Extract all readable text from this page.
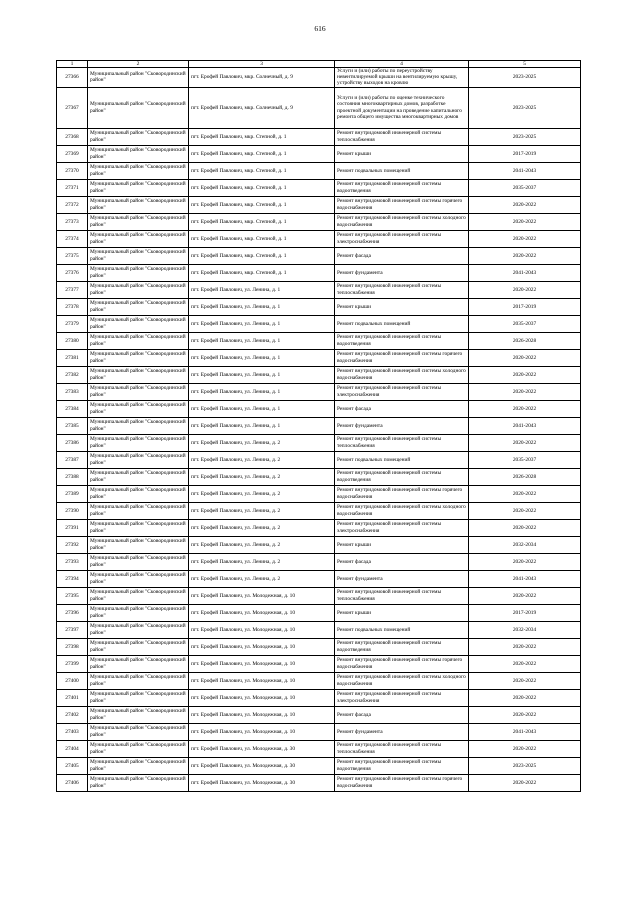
616
1	2	3	4	5
27366	Муниципальный район "Сковородинский район"	пгт. Ерофей Павлович, мкр. Солнечный, д. 9	Услуги и (или) работы по переустройству невентилируемой крыши на вентилируемую крышу, устройству выходов на кровлю	2023-2025
27367	Муниципальный район "Сковородинский район"	пгт. Ерофей Павлович, мкр. Солнечный, д. 9	Услуги и (или) работы по оценке технического состояния многоквартирных домов, разработке проектной документации на проведение капитального ремонта общего имущества многоквартирных домов	2023-2025
27368	Муниципальный район "Сковородинский район"	пгт. Ерофей Павлович, мкр. Степной, д. 1	Ремонт внутридомовой инженерной системы теплоснабжения	2023-2025
27369	Муниципальный район "Сковородинский район"	пгт. Ерофей Павлович, мкр. Степной, д. 1	Ремонт крыши	2017-2019
27370	Муниципальный район "Сковородинский район"	пгт. Ерофей Павлович, мкр. Степной, д. 1	Ремонт подвальных помещений	2041-2043
27371	Муниципальный район "Сковородинский район"	пгт. Ерофей Павлович, мкр. Степной, д. 1	Ремонт внутридомовой инженерной системы водоотведения	2035-2037
27372	Муниципальный район "Сковородинский район"	пгт. Ерофей Павлович, мкр. Степной, д. 1	Ремонт внутридомовой инженерной системы горячего водоснабжения	2020-2022
27373	Муниципальный район "Сковородинский район"	пгт. Ерофей Павлович, мкр. Степной, д. 1	Ремонт внутридомовой инженерной системы холодного водоснабжения	2020-2022
27374	Муниципальный район "Сковородинский район"	пгт. Ерофей Павлович, мкр. Степной, д. 1	Ремонт внутридомовой инженерной системы электроснабжения	2020-2022
27375	Муниципальный район "Сковородинский район"	пгт. Ерофей Павлович, мкр. Степной, д. 1	Ремонт фасада	2020-2022
27376	Муниципальный район "Сковородинский район"	пгт. Ерофей Павлович, мкр. Степной, д. 1	Ремонт фундамента	2041-2043
27377	Муниципальный район "Сковородинский район"	пгт. Ерофей Павлович, ул. Ленина, д. 1	Ремонт внутридомовой инженерной системы теплоснабжения	2020-2022
27378	Муниципальный район "Сковородинский район"	пгт. Ерофей Павлович, ул. Ленина, д. 1	Ремонт крыши	2017-2019
27379	Муниципальный район "Сковородинский район"	пгт. Ерофей Павлович, ул. Ленина, д. 1	Ремонт подвальных помещений	2035-2037
27380	Муниципальный район "Сковородинский район"	пгт. Ерофей Павлович, ул. Ленина, д. 1	Ремонт внутридомовой инженерной системы водоотведения	2026-2028
27381	Муниципальный район "Сковородинский район"	пгт. Ерофей Павлович, ул. Ленина, д. 1	Ремонт внутридомовой инженерной системы горячего водоснабжения	2020-2022
27382	Муниципальный район "Сковородинский район"	пгт. Ерофей Павлович, ул. Ленина, д. 1	Ремонт внутридомовой инженерной системы холодного водоснабжения	2020-2022
27383	Муниципальный район "Сковородинский район"	пгт. Ерофей Павлович, ул. Ленина, д. 1	Ремонт внутридомовой инженерной системы электроснабжения	2020-2022
27384	Муниципальный район "Сковородинский район"	пгт. Ерофей Павлович, ул. Ленина, д. 1	Ремонт фасада	2020-2022
27385	Муниципальный район "Сковородинский район"	пгт. Ерофей Павлович, ул. Ленина, д. 1	Ремонт фундамента	2041-2043
27386	Муниципальный район "Сковородинский район"	пгт. Ерофей Павлович, ул. Ленина, д. 2	Ремонт внутридомовой инженерной системы теплоснабжения	2020-2022
27387	Муниципальный район "Сковородинский район"	пгт. Ерофей Павлович, ул. Ленина, д. 2	Ремонт подвальных помещений	2035-2037
27388	Муниципальный район "Сковородинский район"	пгт. Ерофей Павлович, ул. Ленина, д. 2	Ремонт внутридомовой инженерной системы водоотведения	2026-2028
27389	Муниципальный район "Сковородинский район"	пгт. Ерофей Павлович, ул. Ленина, д. 2	Ремонт внутридомовой инженерной системы горячего водоснабжения	2020-2022
27390	Муниципальный район "Сковородинский район"	пгт. Ерофей Павлович, ул. Ленина, д. 2	Ремонт внутридомовой инженерной системы холодного водоснабжения	2020-2022
27391	Муниципальный район "Сковородинский район"	пгт. Ерофей Павлович, ул. Ленина, д. 2	Ремонт внутридомовой инженерной системы электроснабжения	2020-2022
27392	Муниципальный район "Сковородинский район"	пгт. Ерофей Павлович, ул. Ленина, д. 2	Ремонт крыши	2032-2034
27393	Муниципальный район "Сковородинский район"	пгт. Ерофей Павлович, ул. Ленина, д. 2	Ремонт фасада	2020-2022
27394	Муниципальный район "Сковородинский район"	пгт. Ерофей Павлович, ул. Ленина, д. 2	Ремонт фундамента	2041-2043
27395	Муниципальный район "Сковородинский район"	пгт. Ерофей Павлович, ул. Молодежная, д. 10	Ремонт внутридомовой инженерной системы теплоснабжения	2020-2022
27396	Муниципальный район "Сковородинский район"	пгт. Ерофей Павлович, ул. Молодежная, д. 10	Ремонт крыши	2017-2019
27397	Муниципальный район "Сковородинский район"	пгт. Ерофей Павлович, ул. Молодежная, д. 10	Ремонт подвальных помещений	2032-2034
27398	Муниципальный район "Сковородинский район"	пгт. Ерофей Павлович, ул. Молодежная, д. 10	Ремонт внутридомовой инженерной системы водоотведения	2020-2022
27399	Муниципальный район "Сковородинский район"	пгт. Ерофей Павлович, ул. Молодежная, д. 10	Ремонт внутридомовой инженерной системы горячего водоснабжения	2020-2022
27400	Муниципальный район "Сковородинский район"	пгт. Ерофей Павлович, ул. Молодежная, д. 10	Ремонт внутридомовой инженерной системы холодного водоснабжения	2020-2022
27401	Муниципальный район "Сковородинский район"	пгт. Ерофей Павлович, ул. Молодежная, д. 10	Ремонт внутридомовой инженерной системы электроснабжения	2020-2022
27402	Муниципальный район "Сковородинский район"	пгт. Ерофей Павлович, ул. Молодежная, д. 10	Ремонт фасада	2020-2022
27403	Муниципальный район "Сковородинский район"	пгт. Ерофей Павлович, ул. Молодежная, д. 10	Ремонт фундамента	2041-2043
27404	Муниципальный район "Сковородинский район"	пгт. Ерофей Павлович, ул. Молодежная, д. 30	Ремонт внутридомовой инженерной системы теплоснабжения	2020-2022
27405	Муниципальный район "Сковородинский район"	пгт. Ерофей Павлович, ул. Молодежная, д. 30	Ремонт внутридомовой инженерной системы водоотведения	2023-2025
27406	Муниципальный район "Сковородинский район"	пгт. Ерофей Павлович, ул. Молодежная, д. 30	Ремонт внутридомовой инженерной системы горячего водоснабжения	2020-2022
